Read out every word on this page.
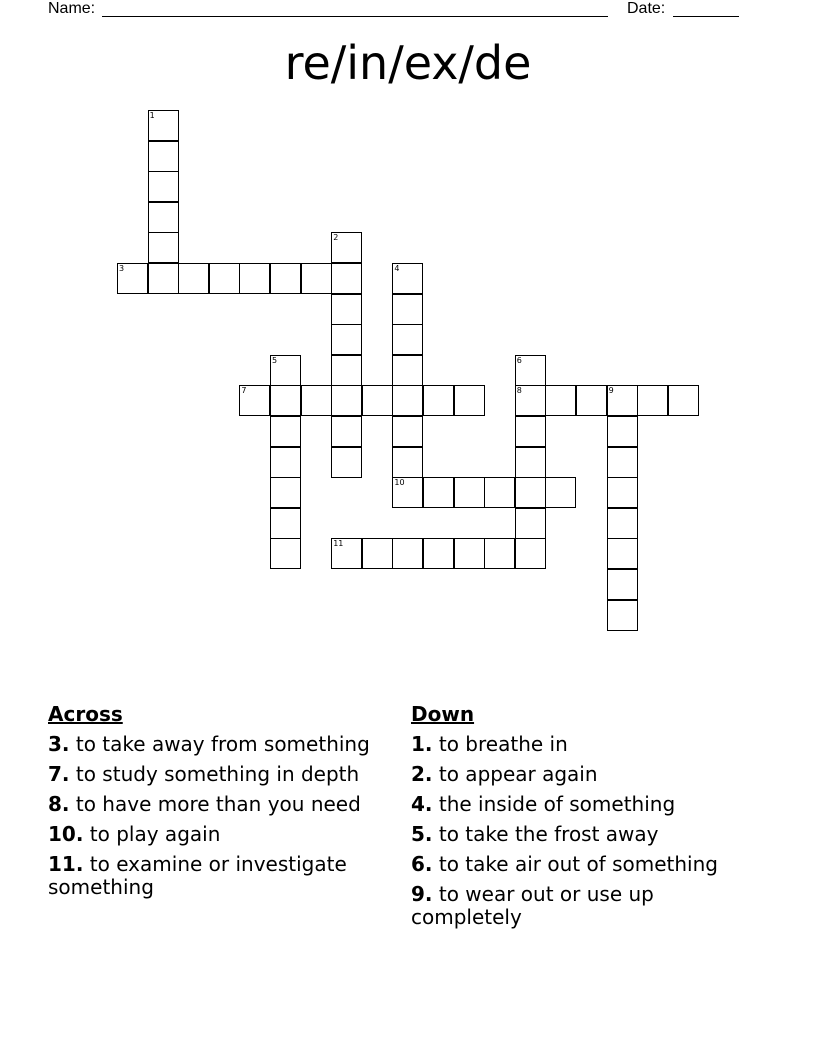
Name:	Date:
re/in/ex/de
1
2
3	4
10
5	6
8
7	9
11
Across
3. to take away from something
7. to study something in depth
8. to have more than you need
10. to play again
11. to examine or investigate something
Down
1. to breathe in
2. to appear again
4. the inside of something
5. to take the frost away
6. to take air out of something
9. to wear out or use up completely
